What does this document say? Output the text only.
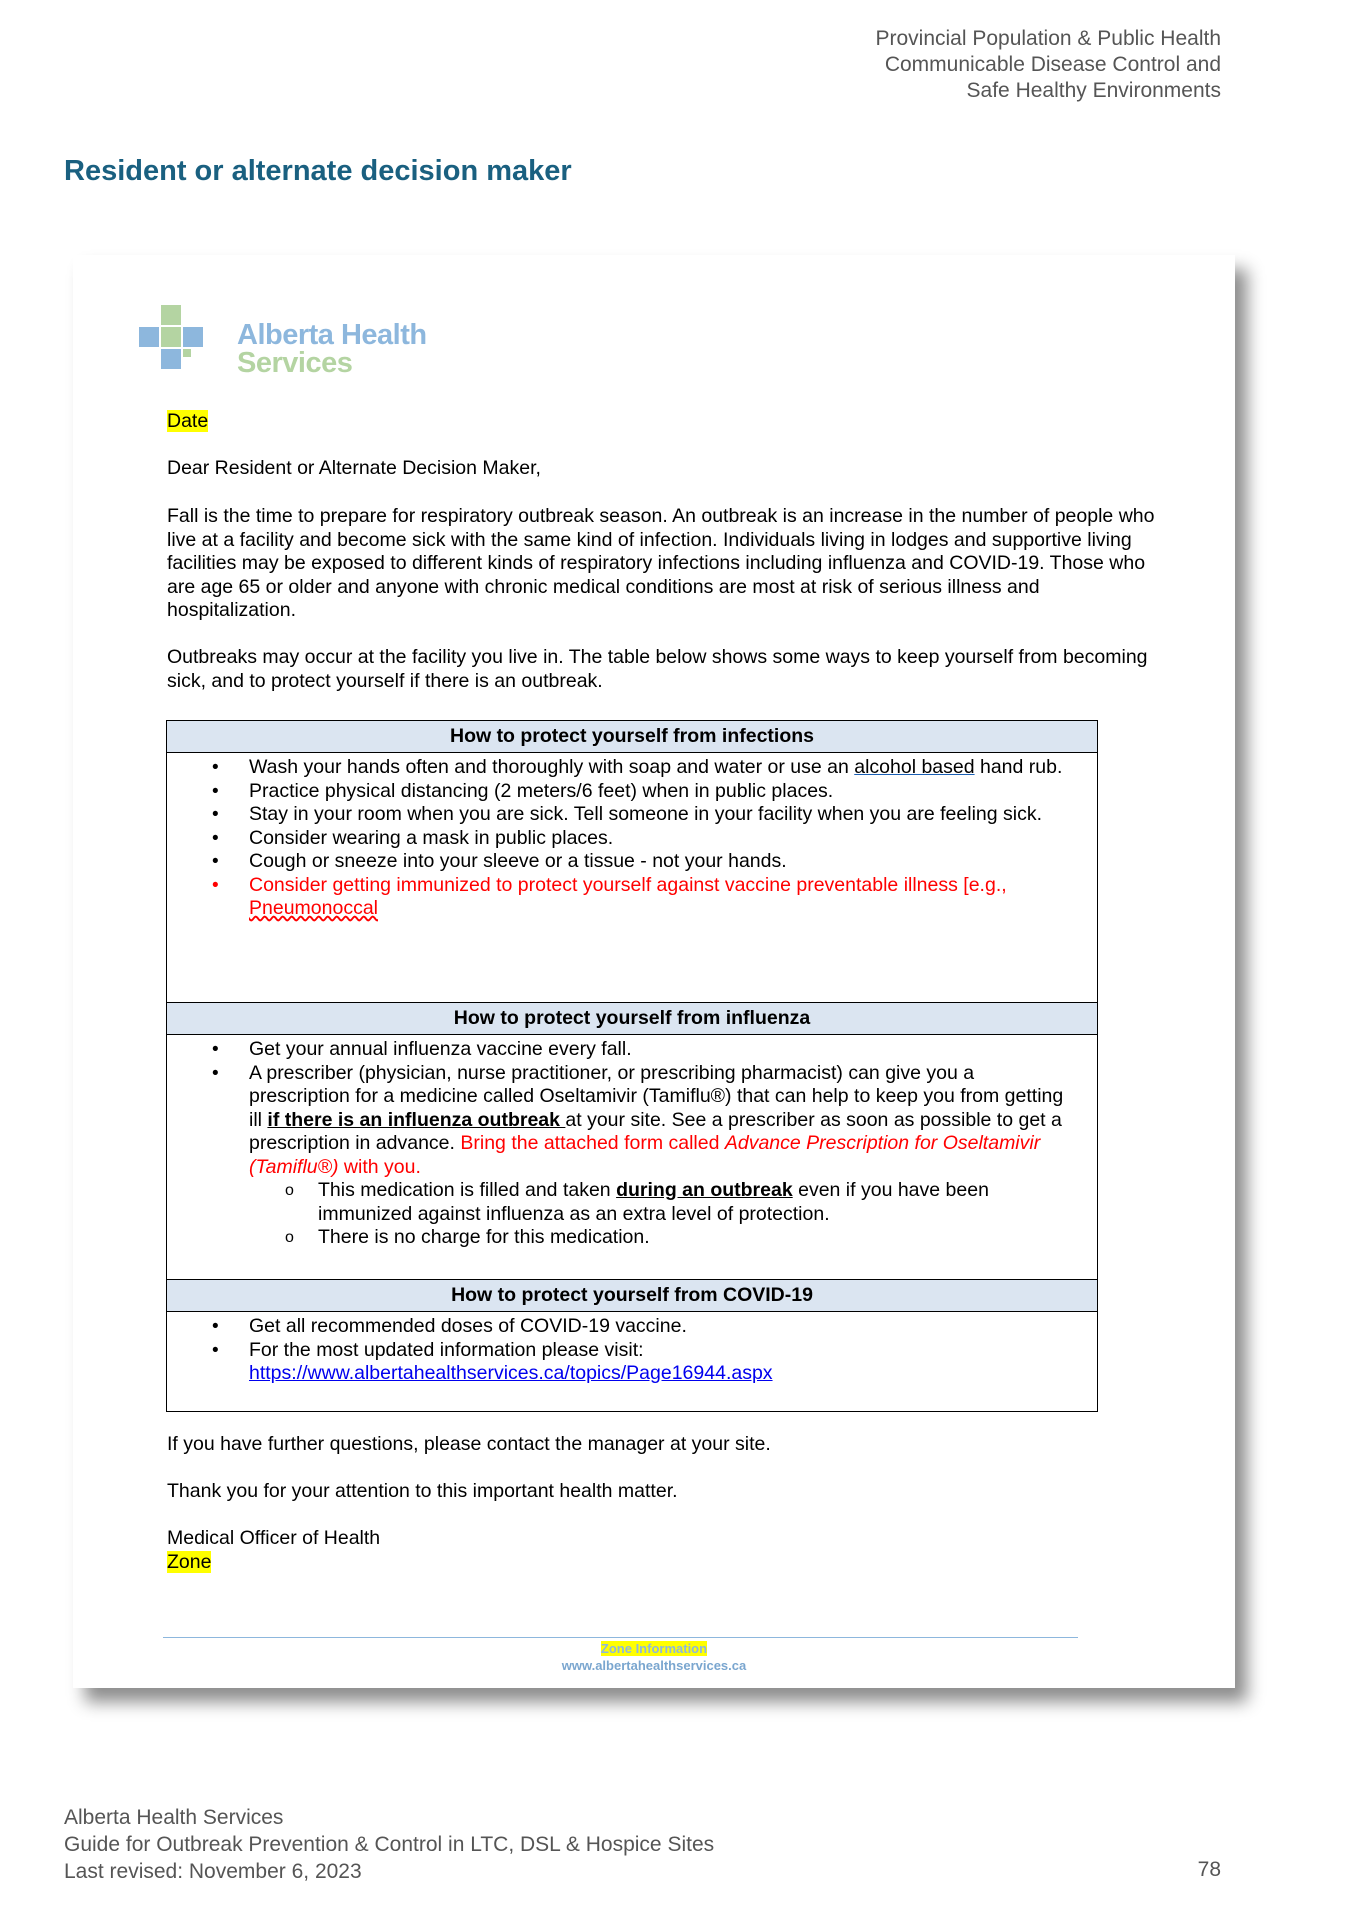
Provincial Population & Public Health
Communicable Disease Control and
Safe Healthy Environments
Resident or alternate decision maker
Alberta Health
Services
Date

Dear Resident or Alternate Decision Maker,

Fall is the time to prepare for respiratory outbreak season. An outbreak is an increase in the number of people who live at a facility and become sick with the same kind of infection. Individuals living in lodges and supportive living facilities may be exposed to different kinds of respiratory infections including influenza and COVID-19. Those who are age 65 or older and anyone with chronic medical conditions are most at risk of serious illness and hospitalization.

Outbreaks may occur at the facility you live in. The table below shows some ways to keep yourself from becoming sick, and to protect yourself if there is an outbreak.

How to protect yourself from infections
• Wash your hands often and thoroughly with soap and water or use an alcohol based hand rub.
• Practice physical distancing (2 meters/6 feet) when in public places.
• Stay in your room when you are sick. Tell someone in your facility when you are feeling sick.
• Consider wearing a mask in public places.
• Cough or sneeze into your sleeve or a tissue - not your hands.
• Consider getting immunized to protect yourself against vaccine preventable illness [e.g., Pneumonoccal
How to protect yourself from influenza
• Get your annual influenza vaccine every fall.
• A prescriber (physician, nurse practitioner, or prescribing pharmacist) can give you a prescription for a medicine called Oseltamivir (Tamiflu®) that can help to keep you from getting ill if there is an influenza outbreak at your site. See a prescriber as soon as possible to get a prescription in advance. Bring the attached form called Advance Prescription for Oseltamivir (Tamiflu®) with you.
o This medication is filled and taken during an outbreak even if you have been immunized against influenza as an extra level of protection.
o There is no charge for this medication.
How to protect yourself from COVID-19
• Get all recommended doses of COVID-19 vaccine.
• For the most updated information please visit:
https://www.albertahealthservices.ca/topics/Page16944.aspx

If you have further questions, please contact the manager at your site.

Thank you for your attention to this important health matter.

Medical Officer of Health

Zone
Zone Information
www.albertahealthservices.ca
Alberta Health Services
Guide for Outbreak Prevention & Control in LTC, DSL & Hospice Sites
Last revised: November 6, 2023	78
